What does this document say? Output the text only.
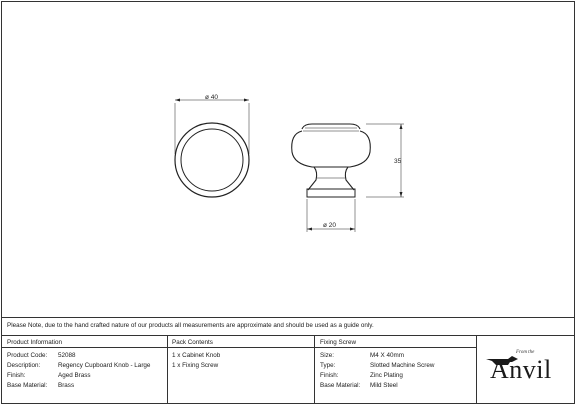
ø 40
35
ø 20
Please Note, due to the hand crafted nature of our products all measurements are approximate and should be used as a guide only.
Product Information
Product Code: 52088
Description:	Regency Cupboard Knob - Large
Finish:	Aged Brass
Base Material: Brass
Pack Contents
1 x Cabinet Knob
1 x Fixing Screw
Fixing Screw
Size:	M4 X 40mm
Type:	Slotted Machine Screw
Finish:	Zinc Plating
Base Material: Mild Steel
From the
Anvil
